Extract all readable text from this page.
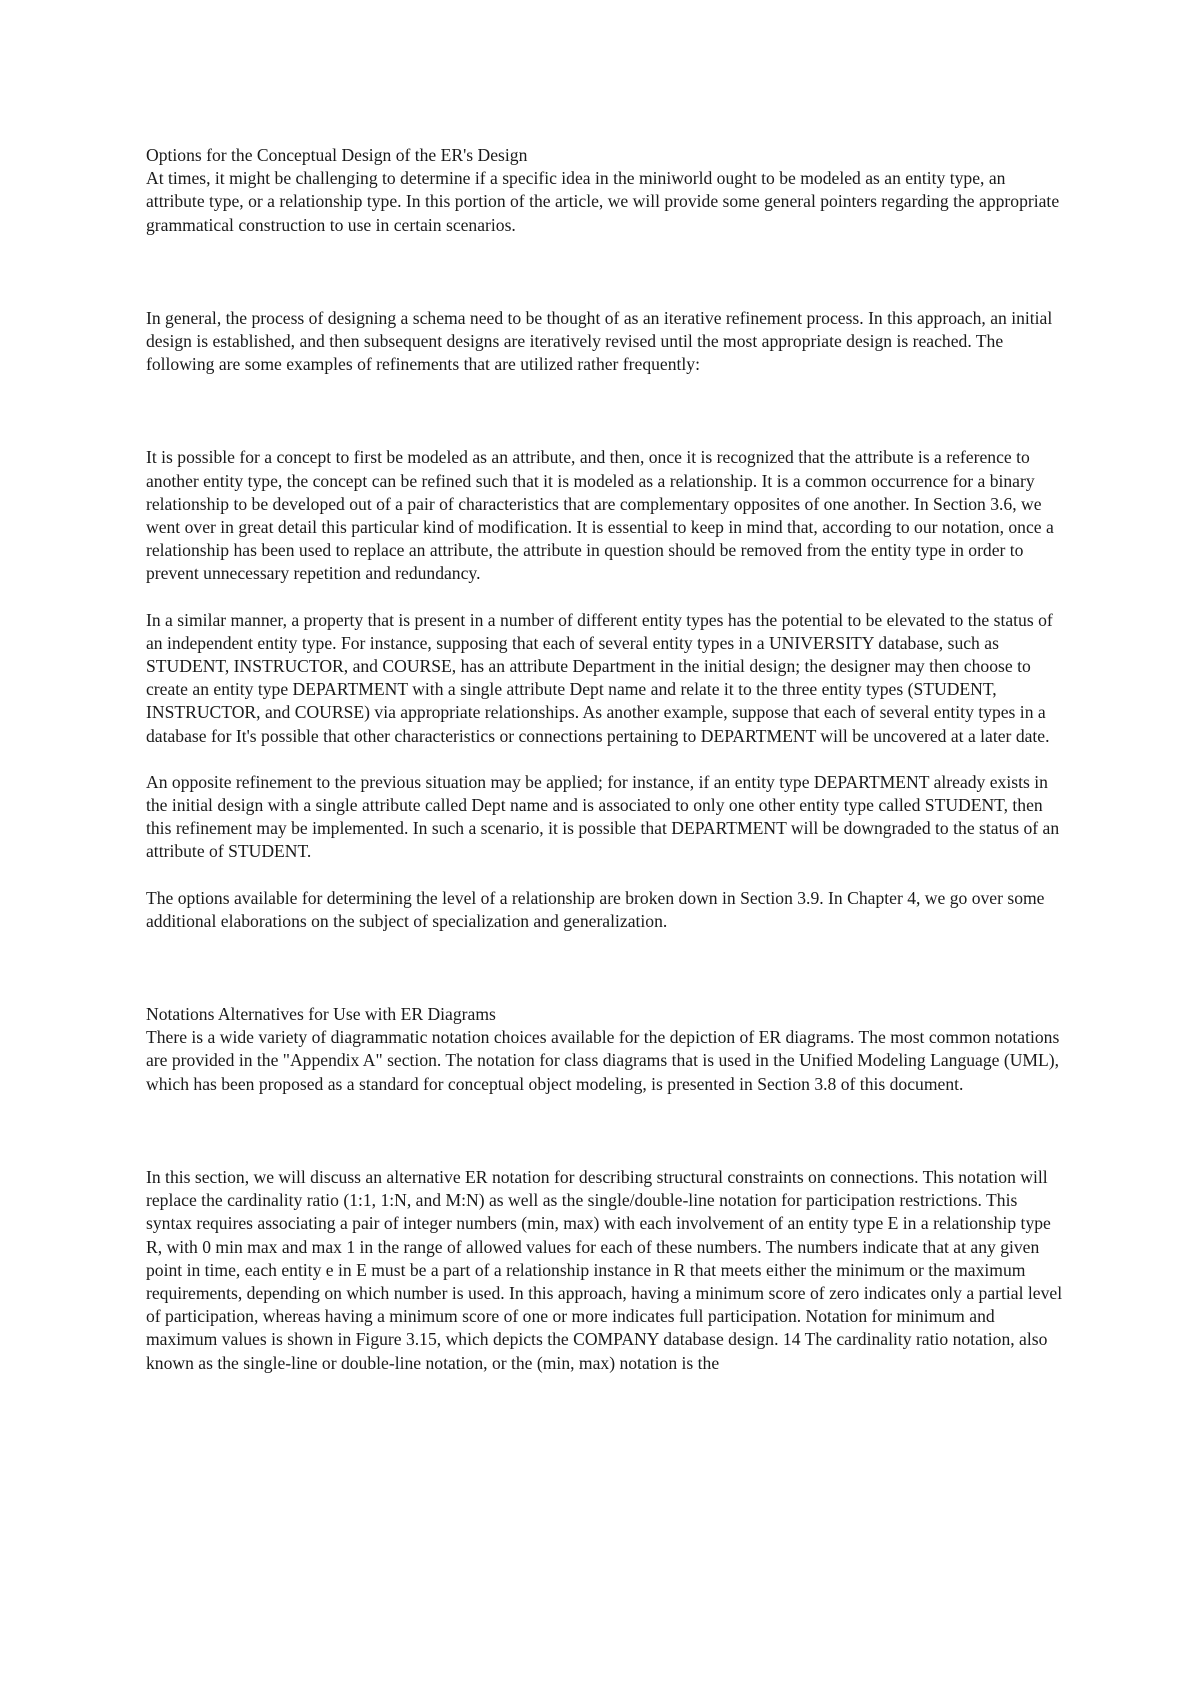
Options for the Conceptual Design of the ER's Design

At times, it might be challenging to determine if a specific idea in the miniworld ought to be modeled as an entity type, an attribute type, or a relationship type. In this portion of the article, we will provide some general pointers regarding the appropriate grammatical construction to use in certain scenarios.

In general, the process of designing a schema need to be thought of as an iterative refinement process. In this approach, an initial design is established, and then subsequent designs are iteratively revised until the most appropriate design is reached. The following are some examples of refinements that are utilized rather frequently:

It is possible for a concept to first be modeled as an attribute, and then, once it is recognized that the attribute is a reference to another entity type, the concept can be refined such that it is modeled as a relationship. It is a common occurrence for a binary relationship to be developed out of a pair of characteristics that are complementary opposites of one another. In Section 3.6, we went over in great detail this particular kind of modification. It is essential to keep in mind that, according to our notation, once a relationship has been used to replace an attribute, the attribute in question should be removed from the entity type in order to prevent unnecessary repetition and redundancy.

In a similar manner, a property that is present in a number of different entity types has the potential to be elevated to the status of an independent entity type. For instance, supposing that each of several entity types in a UNIVERSITY database, such as STUDENT, INSTRUCTOR, and COURSE, has an attribute Department in the initial design; the designer may then choose to create an entity type DEPARTMENT with a single attribute Dept name and relate it to the three entity types (STUDENT, INSTRUCTOR, and COURSE) via appropriate relationships. As another example, suppose that each of several entity types in a database for It's possible that other characteristics or connections pertaining to DEPARTMENT will be uncovered at a later date.

An opposite refinement to the previous situation may be applied; for instance, if an entity type DEPARTMENT already exists in the initial design with a single attribute called Dept name and is associated to only one other entity type called STUDENT, then this refinement may be implemented. In such a scenario, it is possible that DEPARTMENT will be downgraded to the status of an attribute of STUDENT.

The options available for determining the level of a relationship are broken down in Section 3.9. In Chapter 4, we go over some additional elaborations on the subject of specialization and generalization.

Notations Alternatives for Use with ER Diagrams

There is a wide variety of diagrammatic notation choices available for the depiction of ER diagrams. The most common notations are provided in the "Appendix A" section. The notation for class diagrams that is used in the Unified Modeling Language (UML), which has been proposed as a standard for conceptual object modeling, is presented in Section 3.8 of this document.

In this section, we will discuss an alternative ER notation for describing structural constraints on connections. This notation will replace the cardinality ratio (1:1, 1:N, and M:N) as well as the single/double-line notation for participation restrictions. This syntax requires associating a pair of integer numbers (min, max) with each involvement of an entity type E in a relationship type R, with 0 min max and max 1 in the range of allowed values for each of these numbers. The numbers indicate that at any given point in time, each entity e in E must be a part of a relationship instance in R that meets either the minimum or the maximum requirements, depending on which number is used. In this approach, having a minimum score of zero indicates only a partial level of participation, whereas having a minimum score of one or more indicates full participation. Notation for minimum and maximum values is shown in Figure 3.15, which depicts the COMPANY database design. 14 The cardinality ratio notation, also known as the single-line or double-line notation, or the (min, max) notation is the
